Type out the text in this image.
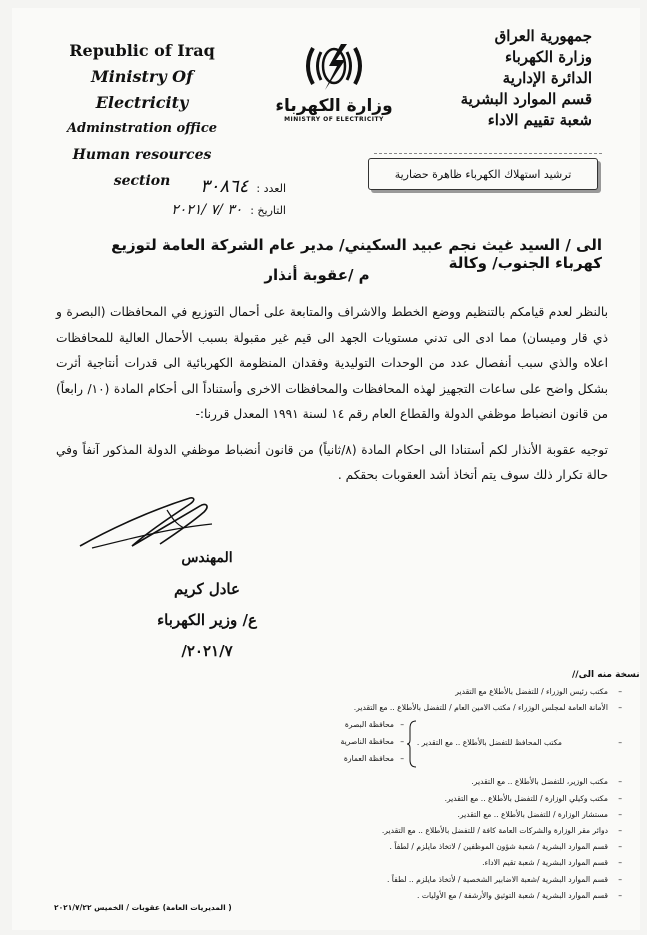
Republic of Iraq
Ministry Of Electricity
Adminstration office
Human resources section
وزارة الكهرباء
MINISTRY OF ELECTRICITY
جمهورية العراق
وزارة الكهرباء
الدائرة الإدارية
قسم الموارد البشرية
شعبة تقييم الاداء
ترشيد استهلاك الكهرباء ظاهرة حضارية
العدد :
٣٠٨٦٤
التاريخ :
٣٠ /٧ /٢٠٢١
الى / السيد غيث نجم عبيد السكيني/ مدير عام الشركة العامة لتوزيع كهرباء الجنوب/ وكالة
م /عقوبة أنذار

بالنظر لعدم قيامكم بالتنظيم ووضع الخطط والاشراف والمتابعة على أحمال التوزيع في المحافظات (البصرة و ذي قار وميسان) مما ادى الى تدني مستويات الجهد الى قيم غير مقبولة بسبب الأحمال العالية للمحافظات اعلاه والذي سبب أنفصال عدد من الوحدات التوليدية وفقدان المنظومة الكهربائية الى قدرات أنتاجية أثرت بشكل واضح على ساعات التجهيز لهذه المحافظات والمحافظات الاخرى وأستناداً الى أحكام المادة (١٠/ رابعاً) من قانون انضباط موظفي الدولة والقطاع العام رقم ١٤ لسنة ١٩٩١ المعدل قررنا:-

توجيه عقوبة الأنذار لكم أستنادا الى احكام المادة (٨/ثانياً) من قانون أنضباط موظفي الدولة المذكور آنفاً وفي حالة تكرار ذلك سوف يتم أتخاذ أشد العقوبات بحقكم .

المهندس
عادل كريم
ع/ وزير الكهرباء
٢٠٢١/٧/
نسخة منه الى//
– مكتب رئيس الوزراء / للتفضل بالأطلاع مع التقدير
– الأمانة العامة لمجلس الوزراء / مكتب الامين العام / للتفضل بالأطلاع .. مع التقدير.
–
مكتب المحافظ للتفضل بالأطلاع .. مع التقدير .
– محافظة البصرة
– محافظة الناصرية
– محافظة العمارة
– مكتب الوزير، للتفضل بالأطلاع .. مع التقدير.
– مكتب وكيلي الوزارة / للتفضل بالأطلاع .. مع التقدير.
– مستشار الوزارة / للتفضل بالأطلاع .. مع التقدير.
– دوائر مقر الوزارة والشركات العامة كافة / للتفضل بالأطلاع .. مع التقدير.
– قسم الموارد البشرية / شعبة شؤون الموظفين / لاتخاذ مايلزم / لطفاً .
– قسم الموارد البشرية / شعبة تقيم الاداء.
– قسم الموارد البشرية /شعبة الاضابير الشخصية / لأتخاذ مايلزم .. لطفاً .
– قسم الموارد البشرية / شعبة التوثيق والأرشفة / مع الأوليات .
( المديريات العامة) عقوبات / الخميس ٢٠٢١/٧/٢٢
